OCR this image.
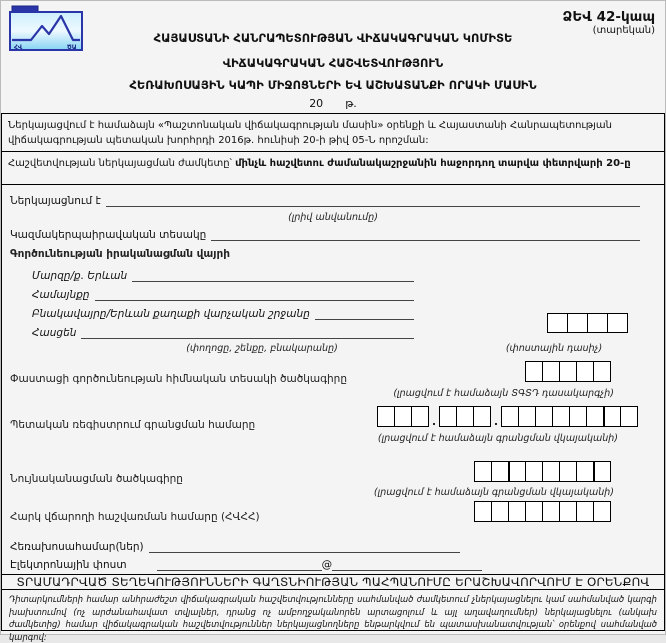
ՀՎ	ԾԱ
ՁԵՎ 42-կապ
(տարեկան)
ՀԱՅԱՍՏԱՆԻ ՀԱՆՐԱՊԵՏՈՒԹՅԱՆ ՎԻՃԱԿԱԳՐԱԿԱՆ ԿՈՄԻՏԵ
ՎԻՃԱԿԱԳՐԱԿԱՆ ՀԱՇՎԵՏՎՈՒԹՅՈՒՆ
ՀԵՌԱԽՈՍԱՅԻՆ ԿԱՊԻ ՄԻՋՈՑՆԵՐԻ ԵՎ ԱՇԽԱՏԱՆՔԻ ՈՐԱԿԻ ՄԱՍԻՆ
20 թ.
Ներկայացվում է համաձայն «Պաշտոնական վիճակագրության մասին» օրենքի և Հայաստանի Հանրապետության վիճակագրության պետական խորհրդի 2016թ. հունիսի 20-ի թիվ 05-Ն որոշման:
Հաշվետվության ներկայացման ժամկետը՝ մինչև հաշվետու ժամանակաշրջանին հաջորդող տարվա փետրվարի 20-ը
Ներկայացնում է
(լրիվ անվանումը)
Կազմակերպաիրավական տեսակը
Գործունեության իրականացման վայրի
Մարզը/ք. Երևան
Համայնքը
Բնակավայրը/Երևան քաղաքի վարչական շրջանը
Հասցեն
(փողոցը, շենքը, բնակարանը)	(փոստային դասիչ)
Փաստացի գործունեության հիմնական տեսակի ծածկագիրը
(լրացվում է համաձայն ՏԳՏԴ դասակարգչի)
Պետական ռեգիստրում գրանցման համարը	.	.
(լրացվում է համաձայն գրանցման վկայականի)
Նույնականացման ծածկագիրը
(լրացվում է համաձայն գրանցման վկայականի)
Հարկ վճարողի հաշվառման համարը (ՀՎՀՀ)
Հեռախոսահամար(ներ)
Էլեկտրոնային փոստ	@
ՏՐԱՄԱԴՐՎԱԾ ՏԵՂԵԿՈՒԹՅՈՒՆՆԵՐԻ ԳԱՂՏՆԻՈՒԹՅԱՆ ՊԱՀՊԱՆՈՒՄԸ ԵՐԱՇԽԱՎՈՐՎՈՒՄ Է ՕՐԵՆՔՈՎ
Դիտարկումների համար անհրաժեշտ վիճակագրական հաշվետվությունները սահմանված ժամկետում չներկայացնելու կամ սահմանված կարգի խախտումով (ոչ արժանահավատ տվյալներ, դրանց ոչ ամբողջականորեն արտացոլում և այլ աղավաղումներ) ներկայացնելու (անկախ ժամկետից) համար վիճակագրական հաշվետվություններ ներկայացնողները ենթարկվում են պատասխանատվության՝ օրենքով սահմանված կարգով:
